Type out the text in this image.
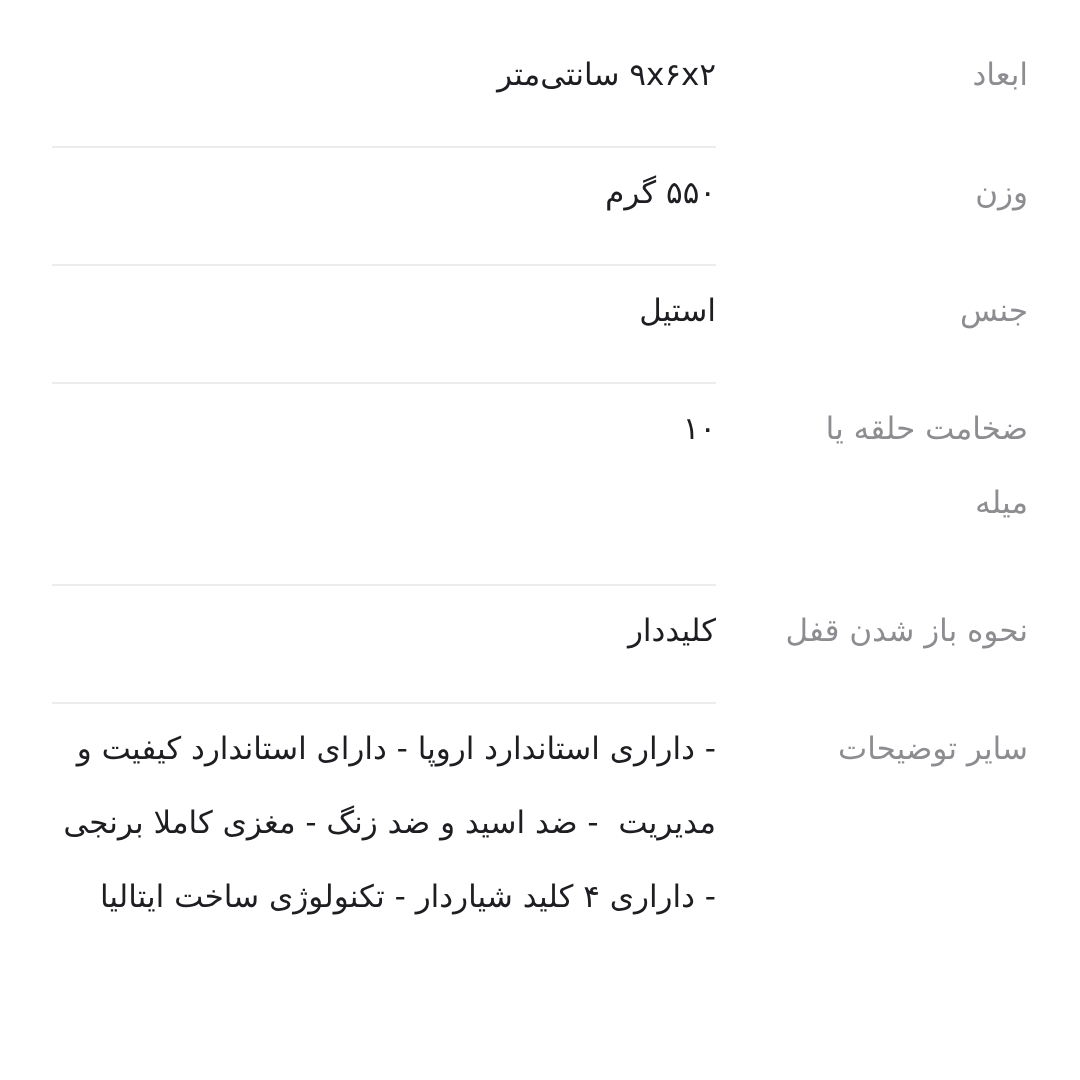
ابعاد
۹x۶x۲ سانتی‌متر
وزن
۵۵۰ گرم
جنس
استیل
ضخامت حلقه یا میله
۱۰

نحوه باز شدن قفل
کلیددار
سایر توضیحات
- داراری استاندارد اروپا - دارای استاندارد کیفیت و مدیریت  - ضد اسید و ضد زنگ - مغزی کاملا برنجی - داراری ۴ کلید شیاردار - تکنولوژی ساخت ایتالیا
